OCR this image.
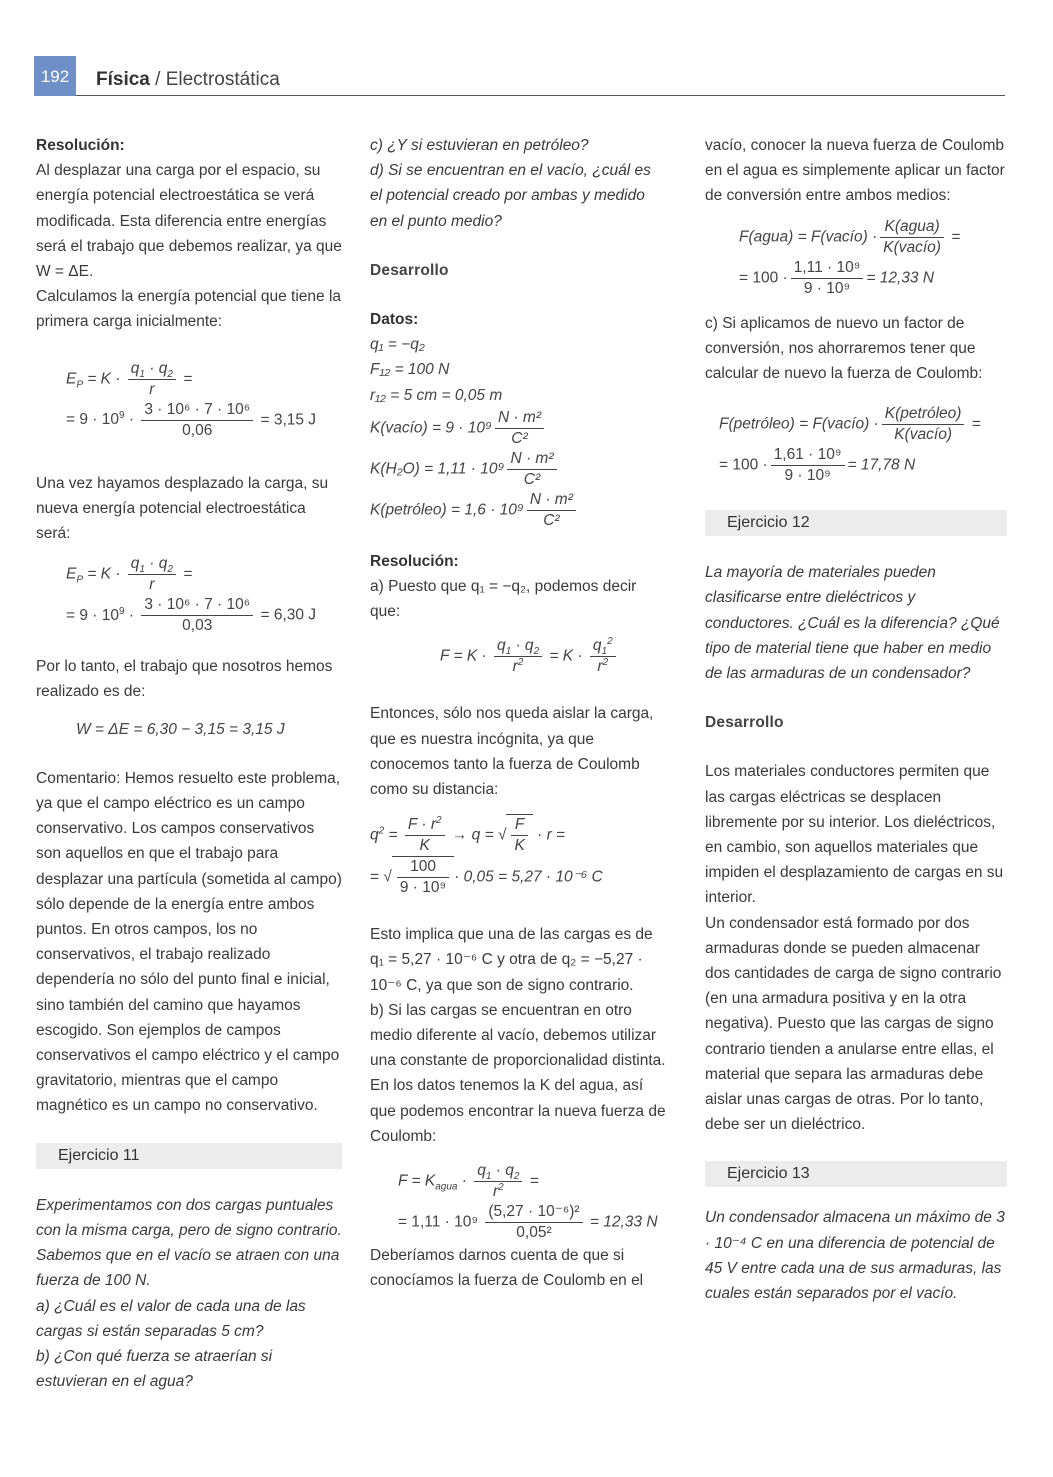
192	Física / Electrostática

Resolución:

Al desplazar una carga por el espacio, su energía potencial electroestática se verá modificada. Esta diferencia entre energías será el trabajo que debemos realizar, ya que W = ΔE.

Calculamos la energía potencial que tiene la primera carga inicialmente:

$E_P = K \cdot \frac{q_1 \cdot q_2}{r}$ =
= $9 \cdot 10^9 \cdot \frac{\text{3 · 10⁶ · 7 · 10⁶}}{0,06} = 3,15$ J

Una vez hayamos desplazado la carga, su nueva energía potencial electroestática será:

$E_P = K \cdot \frac{q_1 \cdot q_2}{r}$ =
= $9 \cdot 10^9 \cdot \frac{\text{3 · 10⁶ · 7 · 10⁶}}{0,03} = 6,30$ J

Por lo tanto, el trabajo que nosotros hemos realizado es de:

W = ΔE = 6,30 − 3,15 = 3,15 J

Comentario: Hemos resuelto este problema, ya que el campo eléctrico es un campo conservativo. Los campos conservativos son aquellos en que el trabajo para desplazar una partícula (sometida al campo) sólo depende de la energía entre ambos puntos. En otros campos, los no conservativos, el trabajo realizado dependería no sólo del punto final e inicial, sino también del camino que hayamos escogido. Son ejemplos de campos conservativos el campo eléctrico y el campo gravitatorio, mientras que el campo magnético es un campo no conservativo.

Ejercicio 11

Experimentamos con dos cargas puntuales con la misma carga, pero de signo contrario. Sabemos que en el vacío se atraen con una fuerza de 100 N.

a) ¿Cuál es el valor de cada una de las cargas si están separadas 5 cm?

b) ¿Con qué fuerza se atraerían si estuvieran en el agua?

c) ¿Y si estuvieran en petróleo?

d) Si se encuentran en el vacío, ¿cuál es el potencial creado por ambas y medido en el punto medio?

Desarrollo

Datos:

q₁ = −q₂

F₁₂ = 100 N

r₁₂ = 5 cm = 0,05 m

K(vacío) = $9 \cdot 10^9 \frac{\text{N · m²}}{\text{C²}}$
$K(H_2O) = 1,11 \cdot 10^9 \frac{\text{N · m²}}{\text{C²}}$
K(petróleo) = $1,6 \cdot 10^9 \frac{\text{N · m²}}{\text{C²}}$

Resolución:

a) Puesto que q₁ = −q₂, podemos decir que:

$F = K \cdot \frac{q_1 \cdot q_2}{r^2} = K \cdot \frac{q_1^2}{r^2}$

Entonces, sólo nos queda aislar la carga, que es nuestra incógnita, ya que conocemos tanto la fuerza de Coulomb como su distancia:

$q^2 = \frac{F \cdot r^2}{K} \to q$ = √ $\frac{F}{K} \cdot r$ =
= √ $\frac{100}{\text{9 · 10⁹}} \cdot 0,05 = 5,27 \cdot 10^{-6}$ C

Esto implica que una de las cargas es de q₁ = 5,27 · 10⁻⁶ C y otra de q₂ = −5,27 · 10⁻⁶ C, ya que son de signo contrario.

b) Si las cargas se encuentran en otro medio diferente al vacío, debemos utilizar una constante de proporcionalidad distinta. En los datos tenemos la K del agua, así que podemos encontrar la nueva fuerza de Coulomb:

$F = K_{agua} \cdot \frac{q_1 \cdot q_2}{r^2}$ =
= $1,11 \cdot 10^9 \frac{\text{(5,27 · 10⁻⁶)²}}{\text{0,05²}} = 12,33$ N

Deberíamos darnos cuenta de que si conocíamos la fuerza de Coulomb en el

vacío, conocer la nueva fuerza de Coulomb en el agua es simplemente aplicar un factor de conversión entre ambos medios:

F(agua) = F(vacío) · $\frac{\text{K(agua)}}{\text{K(vacío)}}$ =
= $100 \cdot \frac{\text{1,11 · 10⁹}}{\text{9 · 10⁹}} = 12,33$ N

c) Si aplicamos de nuevo un factor de conversión, nos ahorraremos tener que calcular de nuevo la fuerza de Coulomb:

F(petróleo) = F(vacío) · $\frac{\text{K(petróleo)}}{\text{K(vacío)}}$ =
= $100 \cdot \frac{\text{1,61 · 10⁹}}{\text{9 · 10⁹}} = 17,78$ N
Ejercicio 12

La mayoría de materiales pueden clasificarse entre dieléctricos y conductores. ¿Cuál es la diferencia? ¿Qué tipo de material tiene que haber en medio de las armaduras de un condensador?

Desarrollo

Los materiales conductores permiten que las cargas eléctricas se desplacen libremente por su interior. Los dieléctricos, en cambio, son aquellos materiales que impiden el desplazamiento de cargas en su interior.

Un condensador está formado por dos armaduras donde se pueden almacenar dos cantidades de carga de signo contrario (en una armadura positiva y en la otra negativa). Puesto que las cargas de signo contrario tienden a anularse entre ellas, el material que separa las armaduras debe aislar unas cargas de otras. Por lo tanto, debe ser un dieléctrico.

Ejercicio 13

Un condensador almacena un máximo de 3 · 10⁻⁴ C en una diferencia de potencial de 45 V entre cada una de sus armaduras, las cuales están separados por el vacío.
